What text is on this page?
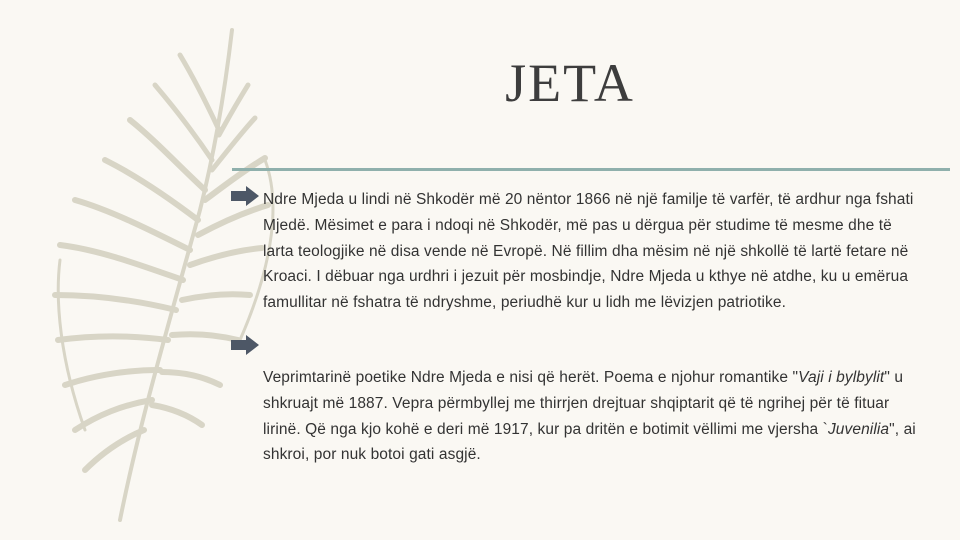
JETA

Ndre Mjeda u lindi në Shkodër më 20 nëntor 1866 në një familje të varfër, të ardhur nga fshati Mjedë. Mësimet e para i ndoqi në Shkodër, më pas u dërgua për studime të mesme dhe të larta teologjike në disa vende në Evropë. Në fillim dha mësim në një shkollë të lartë fetare në Kroaci. I dëbuar nga urdhri i jezuit për mosbindje, Ndre Mjeda u kthye në atdhe, ku u emërua famullitar në fshatra të ndryshme, periudhë kur u lidh me lëvizjen patriotike.

Veprimtarinë poetike Ndre Mjeda e nisi që herët. Poema e njohur romantike "Vaji i bylbylit" u shkruajt më 1887. Vepra përmbyllej me thirrjen drejtuar shqiptarit që të ngrihej për të fituar lirinë. Që nga kjo kohë e deri më 1917, kur pa dritën e botimit vëllimi me vjersha `Juvenilia", ai shkroi, por nuk botoi gati asgjë.
